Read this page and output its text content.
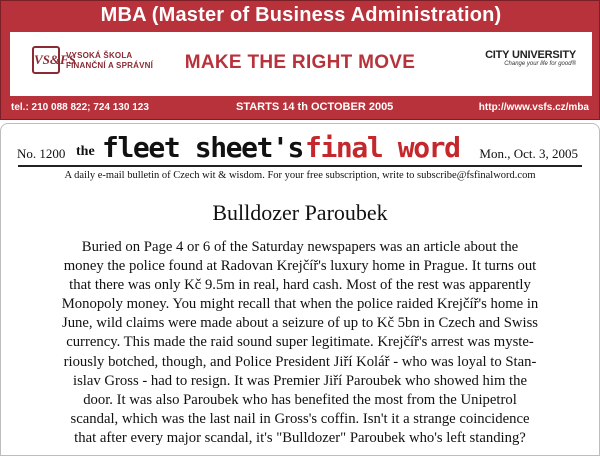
MBA (Master of Business Administration)
VS&FS
VYSOKÁ ŠKOLA
FINANČNÍ A SPRÁVNÍ	MAKE THE RIGHT MOVE	CITY UNIVERSITY
Change your life for good®
tel.: 210 088 822; 724 130 123	STARTS 14 th OCTOBER 2005	http://www.vsfs.cz/mba
No. 1200 the fleet sheet's final word Mon., Oct. 3, 2005
A daily e-mail bulletin of Czech wit & wisdom. For your free subscription, write to subscribe@fsfinalword.com
Bulldozer Paroubek
Buried on Page 4 or 6 of the Saturday newspapers was an article about the
money the police found at Radovan Krejčíř's luxury home in Prague. It turns out
that there was only Kč 9.5m in real, hard cash. Most of the rest was apparently
Monopoly money. You might recall that when the police raided Krejčíř's home in
June, wild claims were made about a seizure of up to Kč 5bn in Czech and Swiss
currency. This made the raid sound super legitimate. Krejčíř's arrest was myste-
riously botched, though, and Police President Jiří Kolář - who was loyal to Stan-
islav Gross - had to resign. It was Premier Jiří Paroubek who showed him the
door. It was also Paroubek who has benefited the most from the Unipetrol
scandal, which was the last nail in Gross's coffin. Isn't it a strange coincidence
that after every major scandal, it's "Bulldozer" Paroubek who's left standing?
